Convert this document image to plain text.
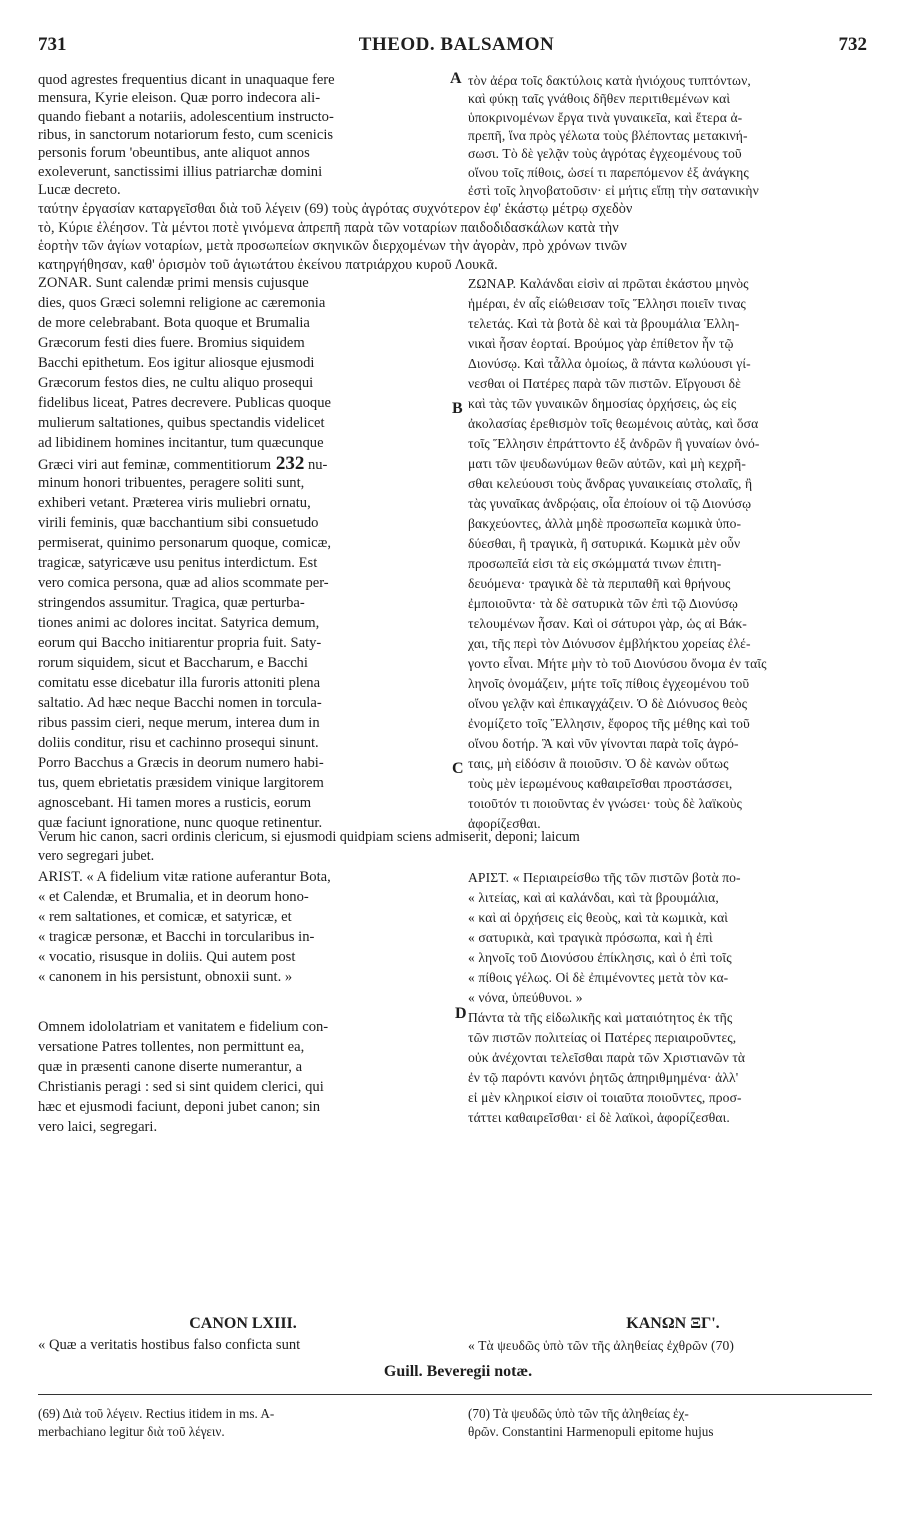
731	THEOD. BALSAMON	732
A
B
C
D
quod agrestes frequentius dicant in unaquaque fere
mensura, Kyrie eleison. Quæ porro indecora ali-
quando fiebant a notariis, adolescentium instructo-
ribus, in sanctorum notariorum festo, cum scenicis
personis forum 'obeuntibus, ante aliquot annos
exoleverunt, sanctissimi illius patriarchæ domini
Lucæ decreto.
τὸν ἀέρα τοῖς δακτύλοις κατὰ ἡνιόχους τυπτόντων,
καὶ φύκῃ ταῖς γνάθοις δῆθεν περιτιθεμένων καὶ
ὑποκρινομένων ἔργα τινὰ γυναικεῖα, καὶ ἕτερα ἀ-
πρεπῆ, ἵνα πρὸς γέλωτα τοὺς βλέποντας μετακινή-
σωσι. Τὸ δὲ γελᾷν τοὺς ἀγρότας ἐγχεομένους τοῦ
οἴνου τοῖς πίθοις, ὡσεί τι παρεπόμενον ἐξ ἀνάγκης
ἐστὶ τοῖς ληνοβατοῦσιν· εἰ μήτις εἴπῃ τὴν σατανικὴν
ταύτην ἐργασίαν καταργεῖσθαι διὰ τοῦ λέγειν (69) τοὺς ἀγρότας συχνότερον ἐφ' ἑκάστῳ μέτρῳ σχεδὸν
τὸ, Κύριε ἐλέησον. Τὰ μέντοι ποτὲ γινόμενα ἀπρεπῆ παρὰ τῶν νοταρίων παιδοδιδασκάλων κατὰ τὴν
ἑορτὴν τῶν ἁγίων νοταρίων, μετὰ προσωπείων σκηνικῶν διερχομένων τὴν ἀγορὰν, πρὸ χρόνων τινῶν
κατηργήθησαν, καθ' ὁρισμὸν τοῦ ἁγιωτάτου ἐκείνου πατριάρχου κυροῦ Λουκᾶ.
ZONAR. Sunt calendæ primi mensis cujusque
dies, quos Græci solemni religione ac cæremonia
de more celebrabant. Bota quoque et Brumalia
Græcorum festi dies fuere. Bromius siquidem
Bacchi epithetum. Eos igitur aliosque ejusmodi
Græcorum festos dies, ne cultu aliquo prosequi
fidelibus liceat, Patres decrevere. Publicas quoque
mulierum saltationes, quibus spectandis videlicet
ad libidinem homines incitantur, tum quæcunque
Græci viri aut feminæ, commentitiorum 232 nu-
minum honori tribuentes, peragere soliti sunt,
exhiberi vetant. Præterea viris muliebri ornatu,
virili feminis, quæ bacchantium sibi consuetudo
permiserat, quinimo personarum quoque, comicæ,
tragicæ, satyricæve usu penitus interdictum. Est
vero comica persona, quæ ad alios scommate per-
stringendos assumitur. Tragica, quæ perturba-
tiones animi ac dolores incitat. Satyrica demum,
eorum qui Baccho initiarentur propria fuit. Saty-
rorum siquidem, sicut et Baccharum, e Bacchi
comitatu esse dicebatur illa furoris attoniti plena
saltatio. Ad hæc neque Bacchi nomen in torcula-
ribus passim cieri, neque merum, interea dum in
doliis conditur, risu et cachinno prosequi sinunt.
Porro Bacchus a Græcis in deorum numero habi-
tus, quem ebrietatis præsidem vinique largitorem
agnoscebant. Hi tamen mores a rusticis, eorum
quæ faciunt ignoratione, nunc quoque retinentur.
ΖΩΝΑΡ. Καλάνδαι εἰσὶν αἱ πρῶται ἑκάστου μηνὸς
ἡμέραι, ἐν αἷς εἰώθεισαν τοῖς Ἕλλησι ποιεῖν τινας
τελετάς. Καὶ τὰ βοτὰ δὲ καὶ τὰ βρουμάλια Ἑλλη-
νικαὶ ἦσαν ἑορταί. Βρούμος γὰρ ἐπίθετον ἦν τῷ
Διονύσῳ. Καὶ τἆλλα ὁμοίως, ἃ πάντα κωλύουσι γί-
νεσθαι οἱ Πατέρες παρὰ τῶν πιστῶν. Εἴργουσι δὲ
καὶ τὰς τῶν γυναικῶν δημοσίας ὀρχήσεις, ὡς εἰς
ἀκολασίας ἐρεθισμὸν τοῖς θεωμένοις αὐτὰς, καὶ ὅσα
τοῖς Ἕλλησιν ἐπράττοντο ἐξ ἀνδρῶν ἢ γυναίων ὀνό-
ματι τῶν ψευδωνύμων θεῶν αὐτῶν, καὶ μὴ κεχρῆ-
σθαι κελεύουσι τοὺς ἄνδρας γυναικείαις στολαῖς, ἢ
τὰς γυναῖκας ἀνδρῴαις, οἷα ἐποίουν οἱ τῷ Διονύσῳ
βακχεύοντες, ἀλλὰ μηδὲ προσωπεῖα κωμικὰ ὑπο-
δύεσθαι, ἢ τραγικὰ, ἢ σατυρικά. Κωμικὰ μὲν οὖν
προσωπεῖά εἰσι τὰ εἰς σκώμματά τινων ἐπιτη-
δευόμενα· τραγικὰ δὲ τὰ περιπαθῆ καὶ θρήνους
ἐμποιοῦντα· τὰ δὲ σατυρικὰ τῶν ἐπὶ τῷ Διονύσῳ
τελουμένων ἦσαν. Καὶ οἱ σάτυροι γὰρ, ὡς αἱ Βάκ-
χαι, τῆς περὶ τὸν Διόνυσον ἐμβλήκτου χορείας ἐλέ-
γοντο εἶναι. Μήτε μὴν τὸ τοῦ Διονύσου ὄνομα ἐν ταῖς
ληνοῖς ὀνομάζειν, μήτε τοῖς πίθοις ἐγχεομένου τοῦ
οἴνου γελᾷν καὶ ἐπικαγχάζειν. Ὁ δὲ Διόνυσος θεὸς
ἐνομίζετο τοῖς Ἕλλησιν, ἔφορος τῆς μέθης καὶ τοῦ
οἴνου δοτήρ. Ἃ καὶ νῦν γίνονται παρὰ τοῖς ἀγρό-
ταις, μὴ εἰδόσιν ἃ ποιοῦσιν. Ὁ δὲ κανὼν οὕτως
τοὺς μὲν ἱερωμένους καθαιρεῖσθαι προστάσσει,
τοιοῦτόν τι ποιοῦντας ἐν γνώσει· τοὺς δὲ λαϊκοὺς
ἀφορίζεσθαι.
Verum hic canon, sacri ordinis clericum, si ejusmodi quidpiam sciens admiserit, deponi; laicum
vero segregari jubet.
ARIST. « A fidelium vitæ ratione auferantur Bota,
« et Calendæ, et Brumalia, et in deorum hono-
« rem saltationes, et comicæ, et satyricæ, et
« tragicæ personæ, et Bacchi in torcularibus in-
« vocatio, risusque in doliis. Qui autem post
« canonem in his persistunt, obnoxii sunt. »
Omnem idololatriam et vanitatem e fidelium con-
versatione Patres tollentes, non permittunt ea,
quæ in præsenti canone diserte numerantur, a
Christianis peragi : sed si sint quidem clerici, qui
hæc et ejusmodi faciunt, deponi jubet canon; sin
vero laici, segregari.
ΑΡΙΣΤ. « Περιαιρείσθω τῆς τῶν πιστῶν βοτὰ πο-
« λιτείας, καὶ αἱ καλάνδαι, καὶ τὰ βρουμάλια,
« καὶ αἱ ὀρχήσεις εἰς θεοὺς, καὶ τὰ κωμικὰ, καὶ
« σατυρικὰ, καὶ τραγικὰ πρόσωπα, καὶ ἡ ἐπὶ
« ληνοῖς τοῦ Διονύσου ἐπίκλησις, καὶ ὁ ἐπὶ τοῖς
« πίθοις γέλως. Οἱ δὲ ἐπιμένοντες μετὰ τὸν κα-
« νόνα, ὑπεύθυνοι. »
Πάντα τὰ τῆς εἰδωλικῆς καὶ ματαιότητος ἐκ τῆς
τῶν πιστῶν πολιτείας οἱ Πατέρες περιαιροῦντες,
οὐκ ἀνέχονται τελεῖσθαι παρὰ τῶν Χριστιανῶν τὰ
ἐν τῷ παρόντι κανόνι ῥητῶς ἀπηριθμημένα· ἀλλ'
εἰ μὲν κληρικοί εἰσιν οἱ τοιαῦτα ποιοῦντες, προσ-
τάττει καθαιρεῖσθαι· εἰ δὲ λαϊκοὶ, ἀφορίζεσθαι.
CANON LXIII.	ΚΑΝΩΝ ΞΓ'.
« Quæ a veritatis hostibus falso conficta sunt	« Τὰ ψευδῶς ὑπὸ τῶν τῆς ἀληθείας ἐχθρῶν (70)
Guill. Beveregii notæ.
(69) Διὰ τοῦ λέγειν. Rectius itidem in ms. A-
merbachiano legitur διὰ τοῦ λέγειν.
(70) Τὰ ψευδῶς ὑπὸ τῶν τῆς ἀληθείας ἐχ-
θρῶν. Constantini Harmenopuli epitome hujus
